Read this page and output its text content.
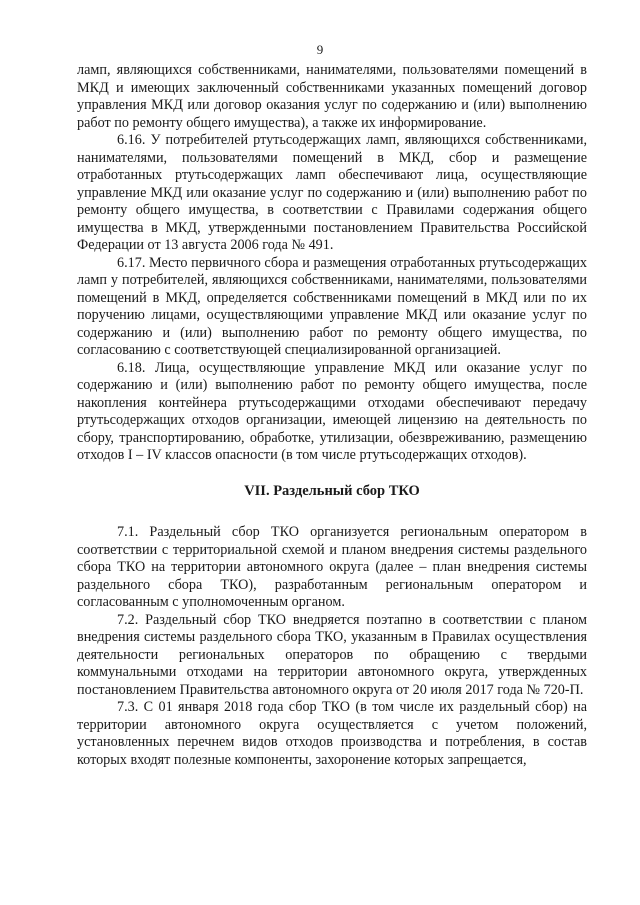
9

ламп, являющихся собственниками, нанимателями, пользователями помещений в МКД и имеющих заключенный собственниками указанных помещений договор управления МКД или договор оказания услуг по содержанию и (или) выполнению работ по ремонту общего имущества), а также их информирование.

6.16. У потребителей ртутьсодержащих ламп, являющихся собственниками, нанимателями, пользователями помещений в МКД, сбор и размещение отработанных ртутьсодержащих ламп обеспечивают лица, осуществляющие управление МКД или оказание услуг по содержанию и (или) выполнению работ по ремонту общего имущества, в соответствии с Правилами содержания общего имущества в МКД, утвержденными постановлением Правительства Российской Федерации от 13 августа 2006 года № 491.

6.17. Место первичного сбора и размещения отработанных ртутьсодержащих ламп у потребителей, являющихся собственниками, нанимателями, пользователями помещений в МКД, определяется собственниками помещений в МКД или по их поручению лицами, осуществляющими управление МКД или оказание услуг по содержанию и (или) выполнению работ по ремонту общего имущества, по согласованию с соответствующей специализированной организацией.

6.18. Лица, осуществляющие управление МКД или оказание услуг по содержанию и (или) выполнению работ по ремонту общего имущества, после накопления контейнера ртутьсодержащими отходами обеспечивают передачу ртутьсодержащих отходов организации, имеющей лицензию на деятельность по сбору, транспортированию, обработке, утилизации, обезвреживанию, размещению отходов I – IV классов опасности (в том числе ртутьсодержащих отходов).

VII. Раздельный сбор ТКО

7.1. Раздельный сбор ТКО организуется региональным оператором в соответствии с территориальной схемой и планом внедрения системы раздельного сбора ТКО на территории автономного округа (далее – план внедрения системы раздельного сбора ТКО), разработанным региональным оператором и согласованным с уполномоченным органом.

7.2. Раздельный сбор ТКО внедряется поэтапно в соответствии с планом внедрения системы раздельного сбора ТКО, указанным в Правилах осуществления деятельности региональных операторов по обращению с твердыми коммунальными отходами на территории автономного округа, утвержденных постановлением Правительства автономного округа от 20 июля 2017 года № 720-П.

7.3. С 01 января 2018 года сбор ТКО (в том числе их раздельный сбор) на территории автономного округа осуществляется с учетом положений, установленных перечнем видов отходов производства и потребления, в состав которых входят полезные компоненты, захоронение которых запрещается,
